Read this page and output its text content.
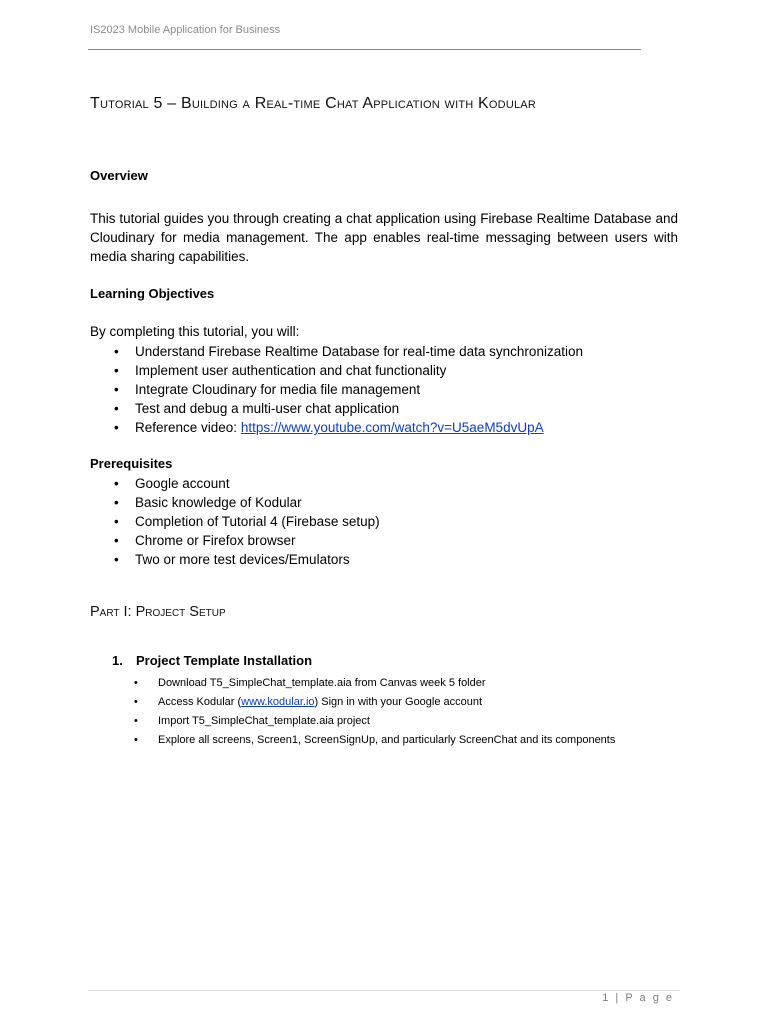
IS2023 Mobile Application for Business
Tutorial 5 – Building a Real-time Chat Application with Kodular
Overview

This tutorial guides you through creating a chat application using Firebase Realtime Database and Cloudinary for media management. The app enables real-time messaging between users with media sharing capabilities.

Learning Objectives

By completing this tutorial, you will:

• Understand Firebase Realtime Database for real-time data synchronization
• Implement user authentication and chat functionality
• Integrate Cloudinary for media file management
• Test and debug a multi-user chat application
• Reference video: https://www.youtube.com/watch?v=U5aeM5dvUpA
Prerequisites
• Google account
• Basic knowledge of Kodular
• Completion of Tutorial 4 (Firebase setup)
• Chrome or Firefox browser
• Two or more test devices/Emulators
Part I: Project Setup
1. Project Template Installation
• Download T5_SimpleChat_template.aia from Canvas week 5 folder
• Access Kodular (www.kodular.io) Sign in with your Google account
• Import T5_SimpleChat_template.aia project
• Explore all screens, Screen1, ScreenSignUp, and particularly ScreenChat and its components
1 | P a g e
